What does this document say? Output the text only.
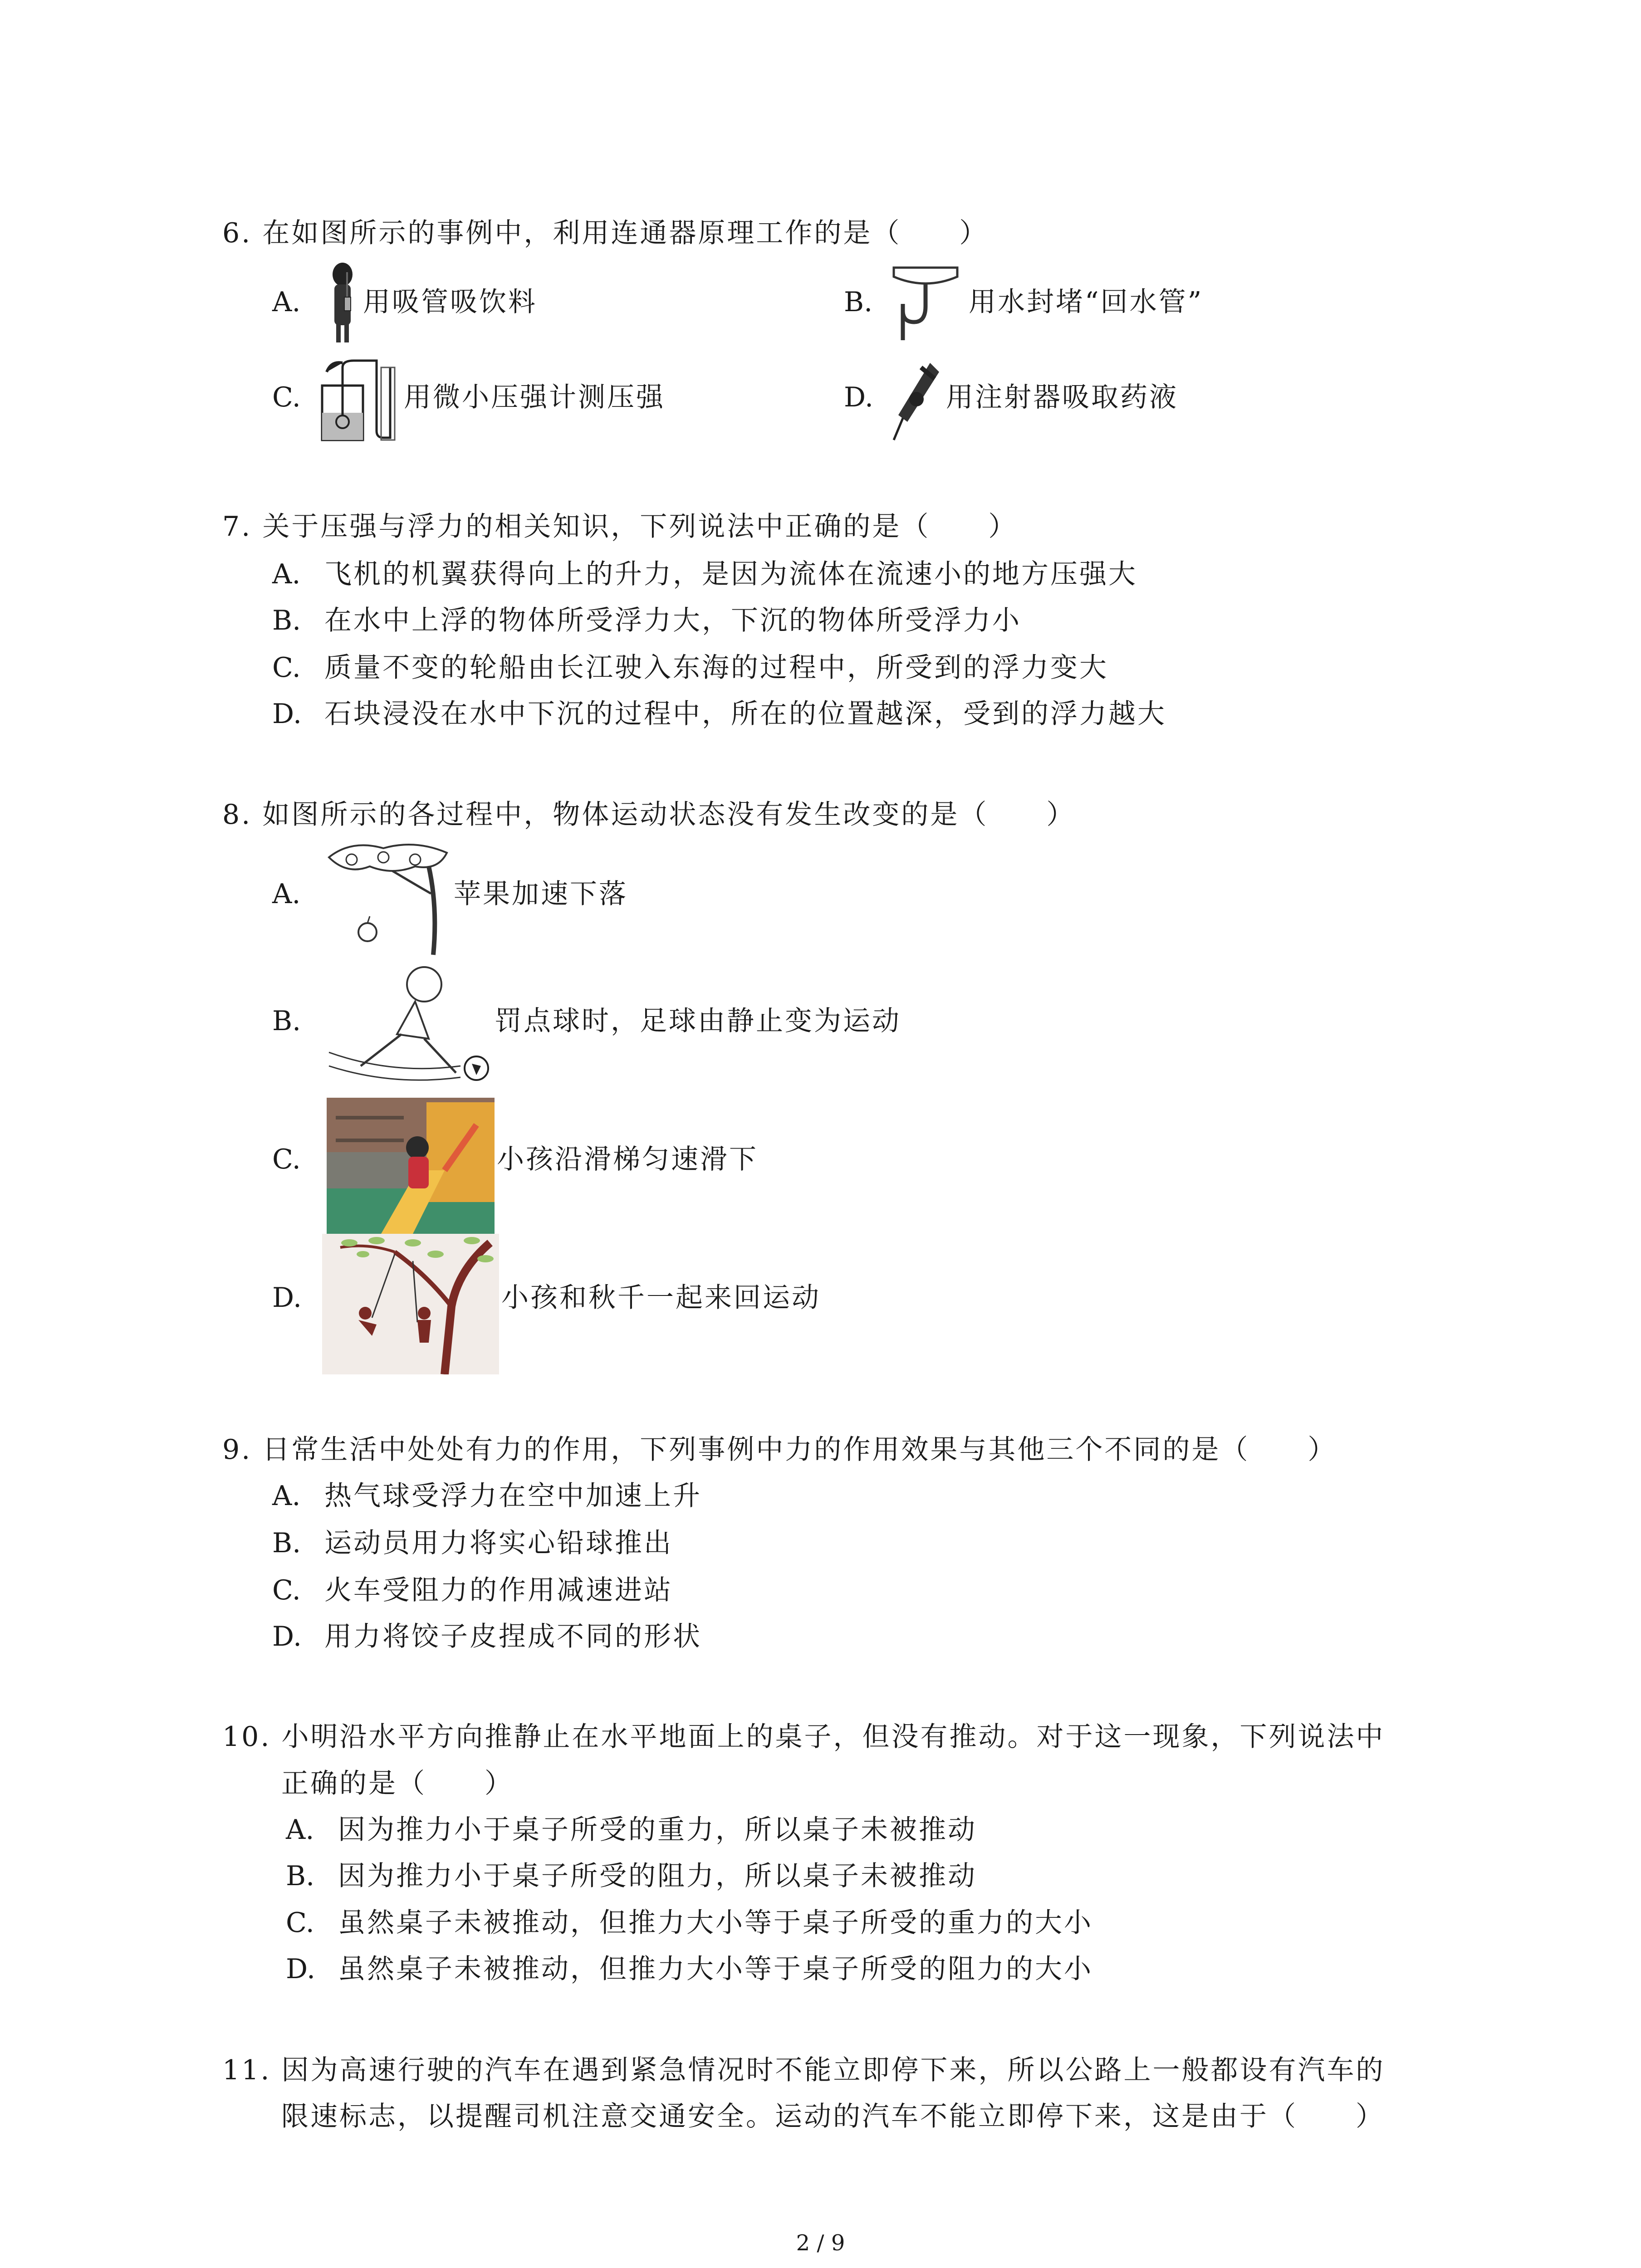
6. 在如图所示的事例中，利用连通器原理工作的是（　　）
A. 用吸管吸饮料	B.	用水封堵“回水管”
C.	用微小压强计测压强	D.	用注射器吸取药液
7. 关于压强与浮力的相关知识，下列说法中正确的是（　　）
A. 飞机的机翼获得向上的升力，是因为流体在流速小的地方压强大
B. 在水中上浮的物体所受浮力大，下沉的物体所受浮力小
C. 质量不变的轮船由长江驶入东海的过程中，所受到的浮力变大
D. 石块浸没在水中下沉的过程中，所在的位置越深，受到的浮力越大
8. 如图所示的各过程中，物体运动状态没有发生改变的是（　　）
A.	苹果加速下落
B.	罚点球时，足球由静止变为运动
C.	小孩沿滑梯匀速滑下
D.	小孩和秋千一起来回运动
9. 日常生活中处处有力的作用，下列事例中力的作用效果与其他三个不同的是（　　）
A. 热气球受浮力在空中加速上升
B. 运动员用力将实心铅球推出
C. 火车受阻力的作用减速进站
D. 用力将饺子皮捏成不同的形状
10. 小明沿水平方向推静止在水平地面上的桌子，但没有推动。对于这一现象，下列说法中
正确的是（　　）
A. 因为推力小于桌子所受的重力，所以桌子未被推动
B. 因为推力小于桌子所受的阻力，所以桌子未被推动
C. 虽然桌子未被推动，但推力大小等于桌子所受的重力的大小
D. 虽然桌子未被推动，但推力大小等于桌子所受的阻力的大小
11. 因为高速行驶的汽车在遇到紧急情况时不能立即停下来，所以公路上一般都设有汽车的
限速标志，以提醒司机注意交通安全。运动的汽车不能立即停下来，这是由于（　　）
2 / 9
